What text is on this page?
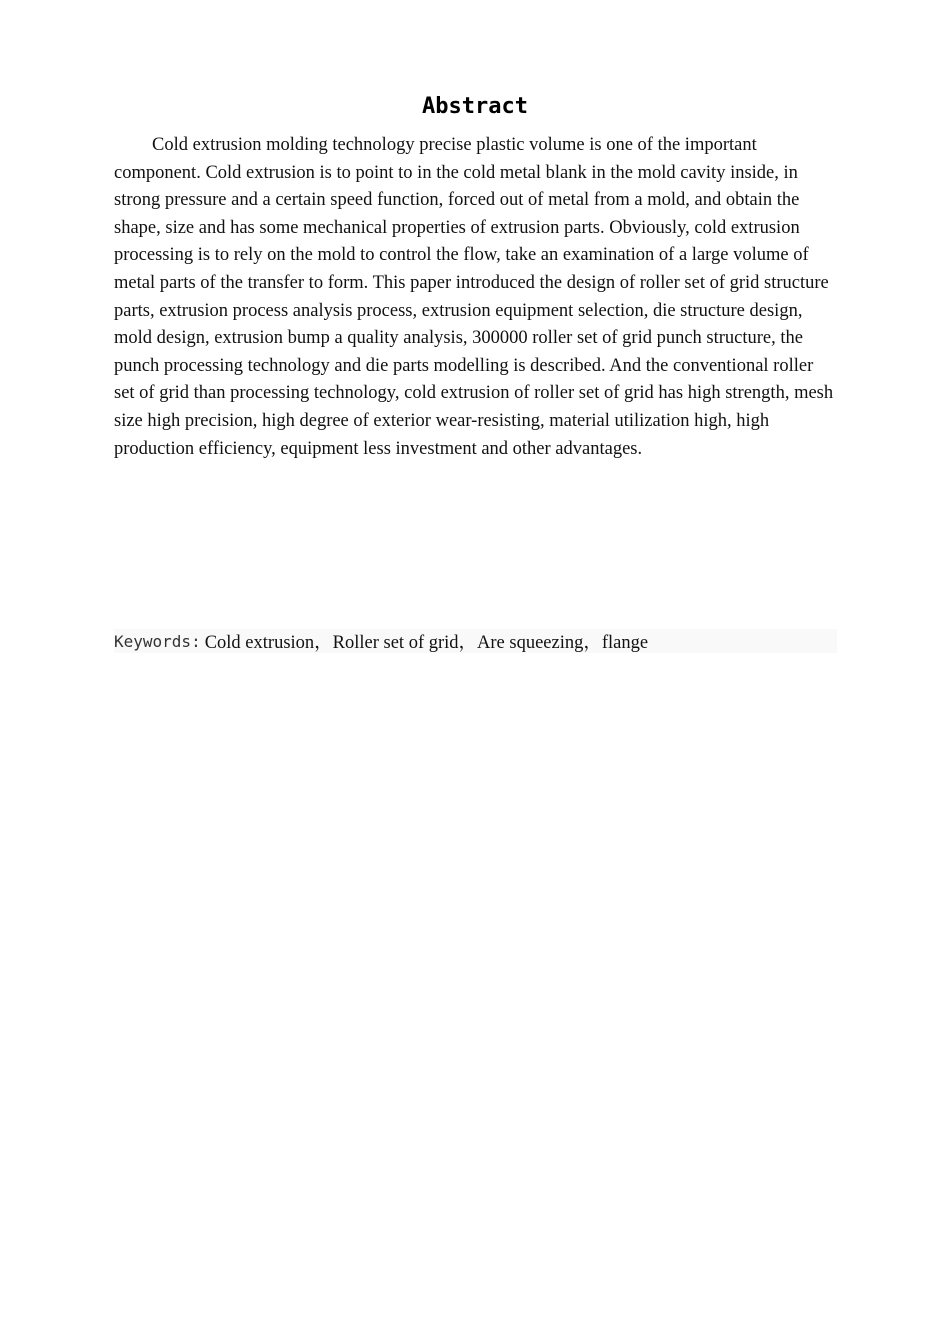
Abstract

Cold extrusion molding technology precise plastic volume is one of the important component. Cold extrusion is to point to in the cold metal blank in the mold cavity inside, in strong pressure and a certain speed function, forced out of metal from a mold, and obtain the shape, size and has some mechanical properties of extrusion parts. Obviously, cold extrusion processing is to rely on the mold to control the flow, take an examination of a large volume of metal parts of the transfer to form. This paper introduced the design of roller set of grid structure parts, extrusion process analysis process, extrusion equipment selection, die structure design, mold design, extrusion bump a quality analysis, 300000 roller set of grid punch structure, the punch processing technology and die parts modelling is described. And the conventional roller set of grid than processing technology, cold extrusion of roller set of grid has high strength, mesh size high precision, high degree of exterior wear-resisting, material utilization high, high production efficiency, equipment less investment and other advantages.

Keywords : Cold extrusion，Roller set of grid，Are squeezing，flange
